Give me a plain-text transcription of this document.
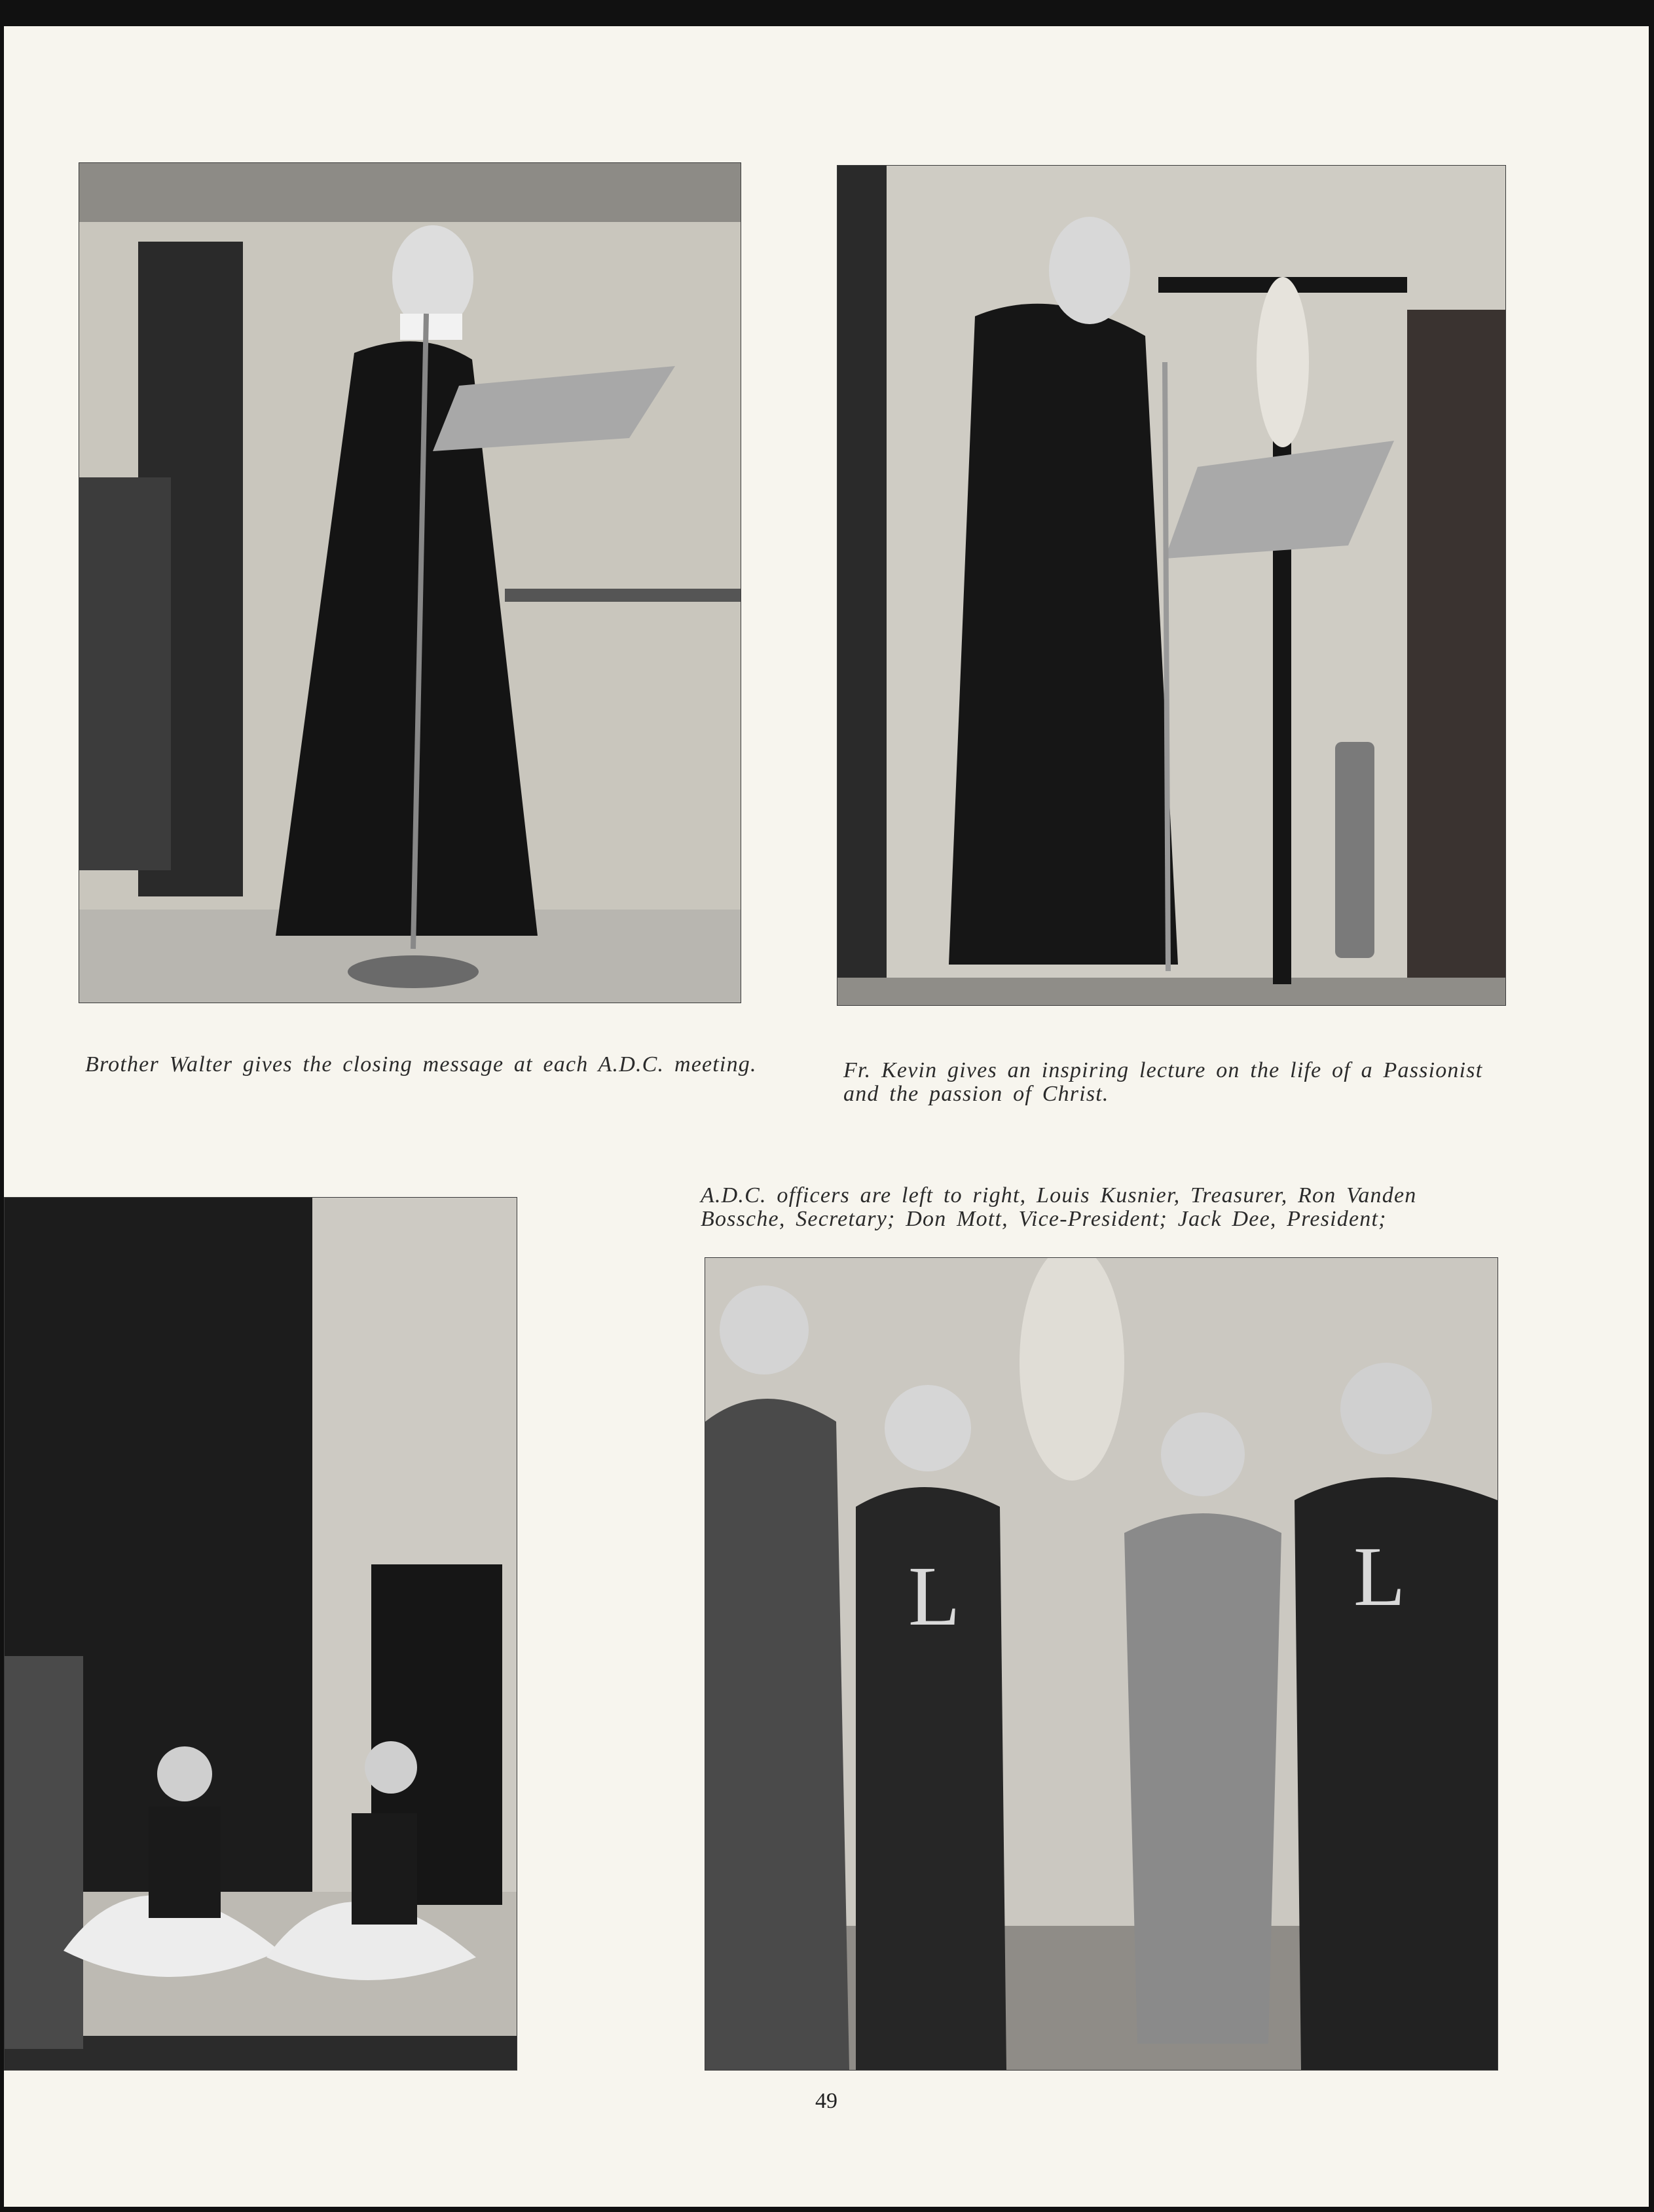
L	L
Brother Walter gives the closing message at each A.D.C. meeting.	Fr. Kevin gives an inspiring lecture on the life of a Passionist
and the passion of Christ.
A.D.C. officers are left to right, Louis Kusnier, Treasurer, Ron Vanden
Bossche, Secretary; Don Mott, Vice-President; Jack Dee, President;
49
